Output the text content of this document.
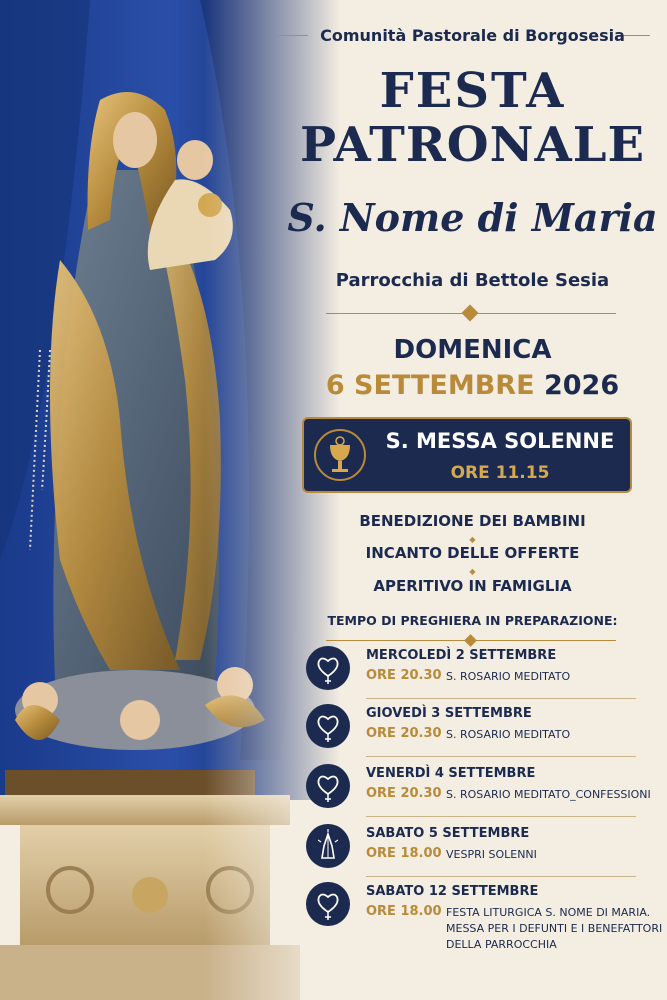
Comunità Pastorale di Borgosesia
FESTA
PATRONALE
S. Nome di Maria
Parrocchia di Bettole Sesia
DOMENICA
6 SETTEMBRE 2026
S. MESSA SOLENNE
ORE 11.15
BENEDIZIONE DEI BAMBINI
◆
INCANTO DELLE OFFERTE
◆
APERITIVO IN FAMIGLIA
TEMPO DI PREGHIERA IN PREPARAZIONE:
MERCOLEDÌ 2 SETTEMBRE
ORE 20.30 S. ROSARIO MEDITATO
GIOVEDÌ 3 SETTEMBRE
ORE 20.30 S. ROSARIO MEDITATO
VENERDÌ 4 SETTEMBRE
ORE 20.30 S. ROSARIO MEDITATO_CONFESSIONI
SABATO 5 SETTEMBRE
ORE 18.00 VESPRI SOLENNI
SABATO 12 SETTEMBRE
ORE 18.00 FESTA LITURGICA S. NOME DI MARIA.
MESSA PER I DEFUNTI E I BENEFATTORI
DELLA PARROCCHIA
